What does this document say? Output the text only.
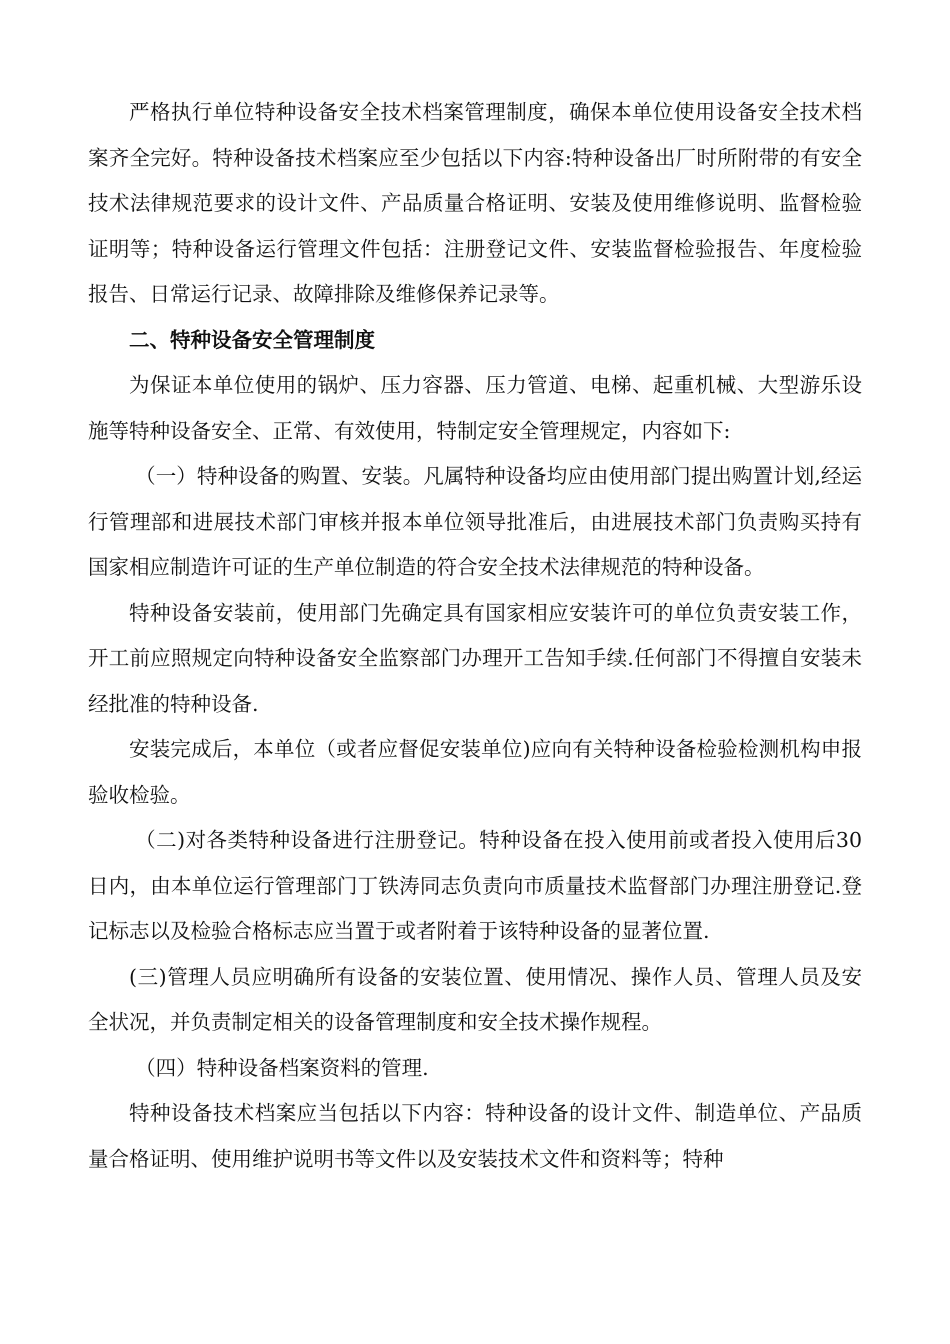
严格执行单位特种设备安全技术档案管理制度，确保本单位使用设备安全技术档案齐全完好。特种设备技术档案应至少包括以下内容:特种设备出厂时所附带的有安全技术法律规范要求的设计文件、产品质量合格证明、安装及使用维修说明、监督检验证明等；特种设备运行管理文件包括：注册登记文件、安装监督检验报告、年度检验报告、日常运行记录、故障排除及维修保养记录等。

二、特种设备安全管理制度

为保证本单位使用的锅炉、压力容器、压力管道、电梯、起重机械、大型游乐设施等特种设备安全、正常、有效使用，特制定安全管理规定，内容如下:

（一）特种设备的购置、安装。凡属特种设备均应由使用部门提出购置计划,经运行管理部和进展技术部门审核并报本单位领导批准后，由进展技术部门负责购买持有国家相应制造许可证的生产单位制造的符合安全技术法律规范的特种设备。

特种设备安装前，使用部门先确定具有国家相应安装许可的单位负责安装工作，开工前应照规定向特种设备安全监察部门办理开工告知手续.任何部门不得擅自安装未经批准的特种设备.

安装完成后，本单位（或者应督促安装单位)应向有关特种设备检验检测机构申报验收检验。

（二)对各类特种设备进行注册登记。特种设备在投入使用前或者投入使用后30日内，由本单位运行管理部门丁铁涛同志负责向市质量技术监督部门办理注册登记.登记标志以及检验合格标志应当置于或者附着于该特种设备的显著位置.

(三)管理人员应明确所有设备的安装位置、使用情况、操作人员、管理人员及安全状况，并负责制定相关的设备管理制度和安全技术操作规程。

（四）特种设备档案资料的管理.

特种设备技术档案应当包括以下内容：特种设备的设计文件、制造单位、产品质量合格证明、使用维护说明书等文件以及安装技术文件和资料等；特种
